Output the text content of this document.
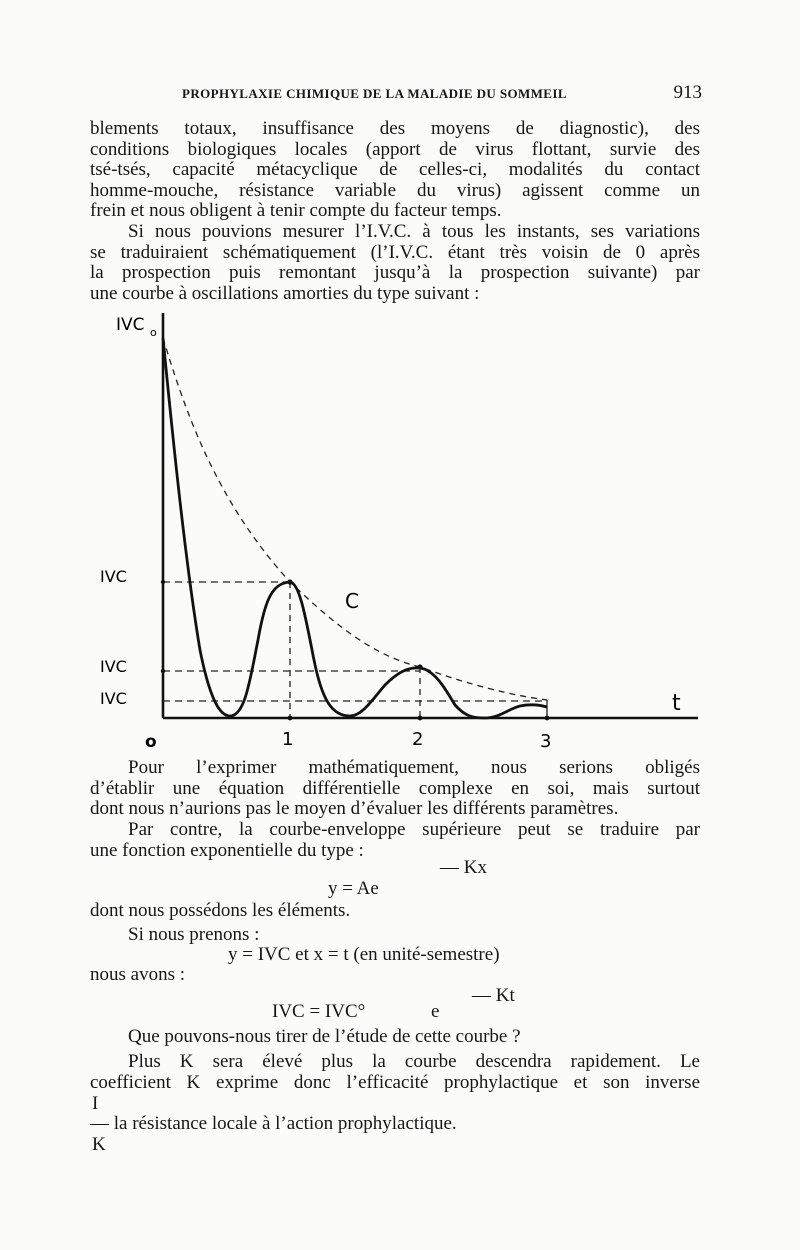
PROPHYLAXIE CHIMIQUE DE LA MALADIE DU SOMMEIL	913
blements totaux, insuffisance des moyens de diagnostic), des
conditions biologiques locales (apport de virus flottant, survie des
tsé-tsés, capacité métacyclique de celles-ci, modalités du contact
homme-mouche, résistance variable du virus) agissent comme un
frein et nous obligent à tenir compte du facteur temps.
Si nous pouvions mesurer l’I.V.C. à tous les instants, ses variations
se traduiraient schématiquement (l’I.V.C. étant très voisin de 0 après
la prospection puis remontant jusqu’à la prospection suivante) par
une courbe à oscillations amorties du type suivant :
IVC o
IVC
IVC
IVC
C
t
o	1	2	3
Pour l’exprimer mathématiquement, nous serions obligés
d’établir une équation différentielle complexe en soi, mais surtout
dont nous n’aurions pas le moyen d’évaluer les différents paramètres.
Par contre, la courbe-enveloppe supérieure peut se traduire par
une fonction exponentielle du type :
— Kx
y = Ae
dont nous possédons les éléments.
Si nous prenons :
y = IVC et x = t (en unité-semestre)
nous avons :
— Kt
IVC = IVC°	e
Que pouvons-nous tirer de l’étude de cette courbe ?
Plus K sera élevé plus la courbe descendra rapidement. Le
coefficient K exprime donc l’efficacité prophylactique et son inverse
I
— la résistance locale à l’action prophylactique.
K
